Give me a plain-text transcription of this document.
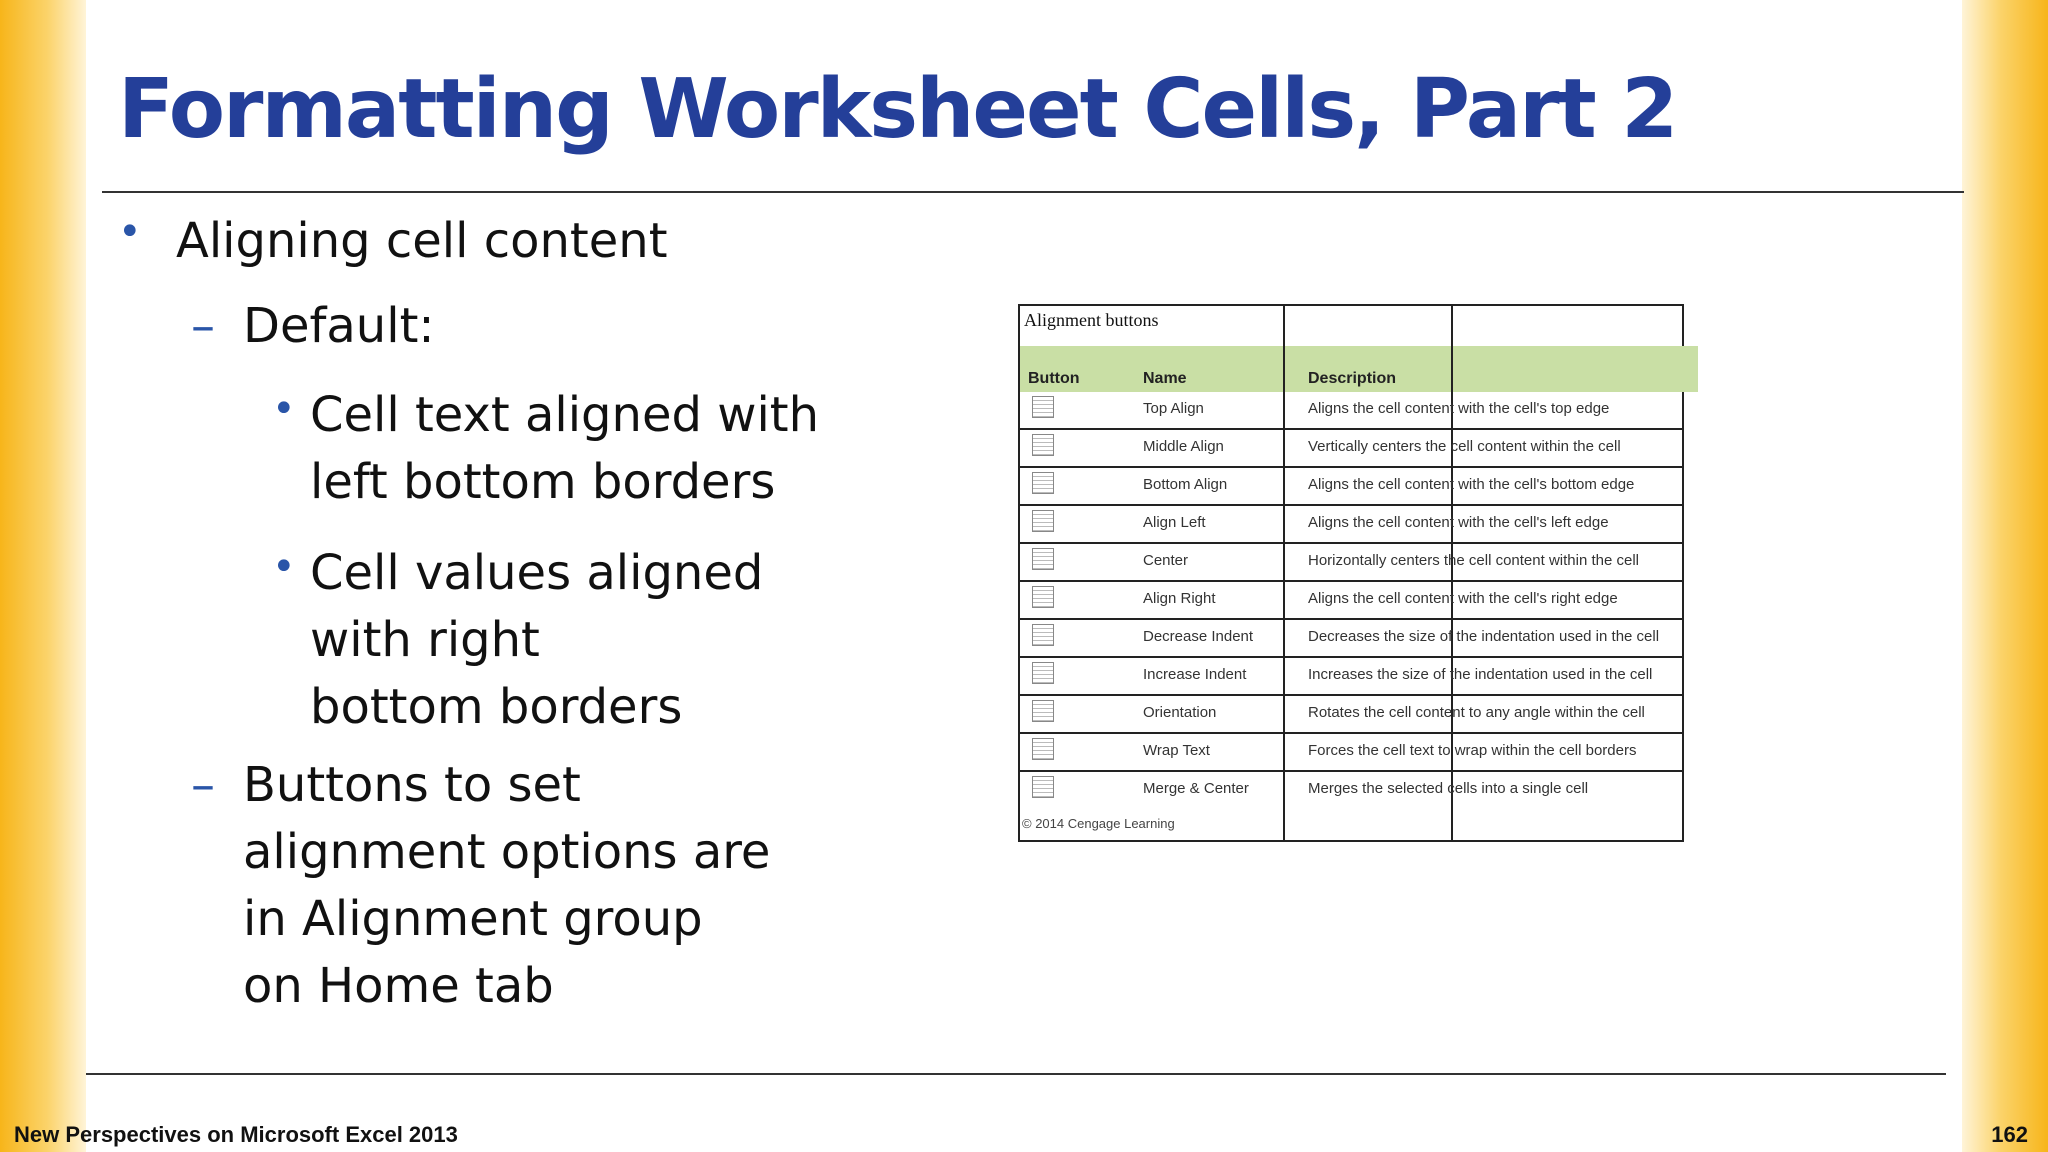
Formatting Worksheet Cells, Part 2
• Aligning cell content
– Default:
• Cell text aligned with
left bottom borders
• Cell values aligned
with right
bottom borders
– Buttons to set
alignment options are
in Alignment group
on Home tab
Alignment buttons
Button	Name	Description
Top Align	Aligns the cell content with the cell's top edge
Middle Align	Vertically centers the cell content within the cell
Bottom Align	Aligns the cell content with the cell's bottom edge
Align Left	Aligns the cell content with the cell's left edge
Center	Horizontally centers the cell content within the cell
Align Right	Aligns the cell content with the cell's right edge
Decrease Indent	Decreases the size of the indentation used in the cell
Increase Indent	Increases the size of the indentation used in the cell
Orientation	Rotates the cell content to any angle within the cell
Wrap Text	Forces the cell text to wrap within the cell borders
Merge & Center	Merges the selected cells into a single cell
© 2014 Cengage Learning
New Perspectives on Microsoft Excel 2013	162
